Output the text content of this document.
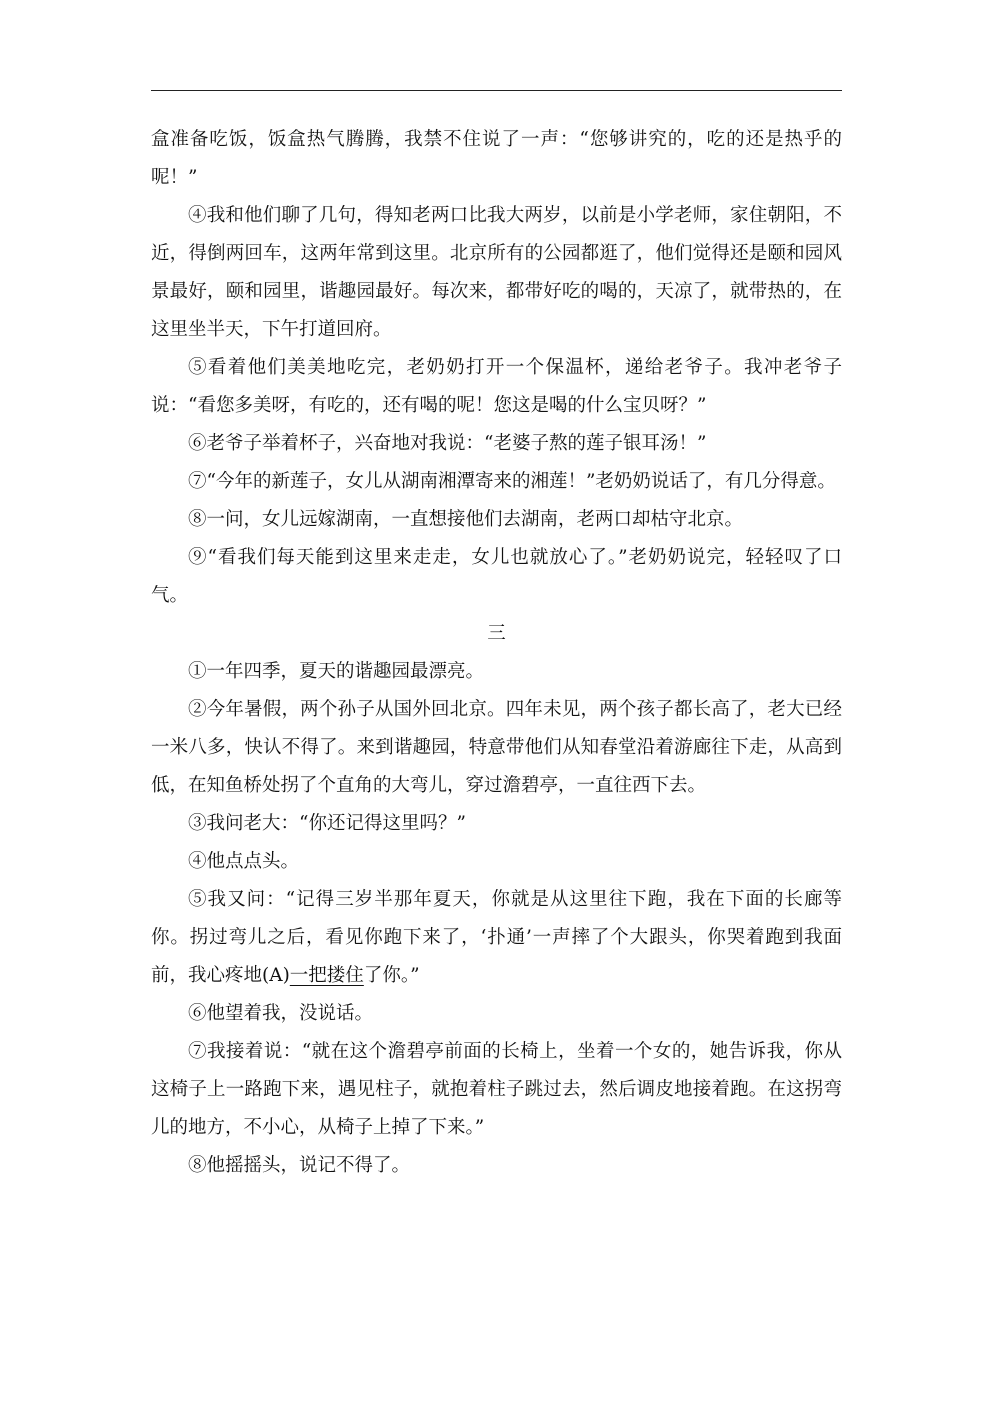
盒准备吃饭，饭盒热气腾腾，我禁不住说了一声：“您够讲究的，吃的还是热乎的呢！”

④我和他们聊了几句，得知老两口比我大两岁，以前是小学老师，家住朝阳，不近，得倒两回车，这两年常到这里。北京所有的公园都逛了，他们觉得还是颐和园风景最好，颐和园里，谐趣园最好。每次来，都带好吃的喝的，天凉了，就带热的，在这里坐半天，下午打道回府。

⑤看着他们美美地吃完，老奶奶打开一个保温杯，递给老爷子。我冲老爷子说：“看您多美呀，有吃的，还有喝的呢！您这是喝的什么宝贝呀？”

⑥老爷子举着杯子，兴奋地对我说：“老婆子熬的莲子银耳汤！”

⑦“今年的新莲子，女儿从湖南湘潭寄来的湘莲！”老奶奶说话了，有几分得意。

⑧一问，女儿远嫁湖南，一直想接他们去湖南，老两口却枯守北京。

⑨“看我们每天能到这里来走走，女儿也就放心了。”老奶奶说完，轻轻叹了口气。

三

①一年四季，夏天的谐趣园最漂亮。

②今年暑假，两个孙子从国外回北京。四年未见，两个孩子都长高了，老大已经一米八多，快认不得了。来到谐趣园，特意带他们从知春堂沿着游廊往下走，从高到低，在知鱼桥处拐了个直角的大弯儿，穿过澹碧亭，一直往西下去。

③我问老大：“你还记得这里吗？”

④他点点头。

⑤我又问：“记得三岁半那年夏天，你就是从这里往下跑，我在下面的长廊等你。拐过弯儿之后，看见你跑下来了，‘扑通’一声摔了个大跟头，你哭着跑到我面前，我心疼地(A)一把搂住了你。”

⑥他望着我，没说话。

⑦我接着说：“就在这个澹碧亭前面的长椅上，坐着一个女的，她告诉我，你从这椅子上一路跑下来，遇见柱子，就抱着柱子跳过去，然后调皮地接着跑。在这拐弯儿的地方，不小心，从椅子上掉了下来。”

⑧他摇摇头，说记不得了。
